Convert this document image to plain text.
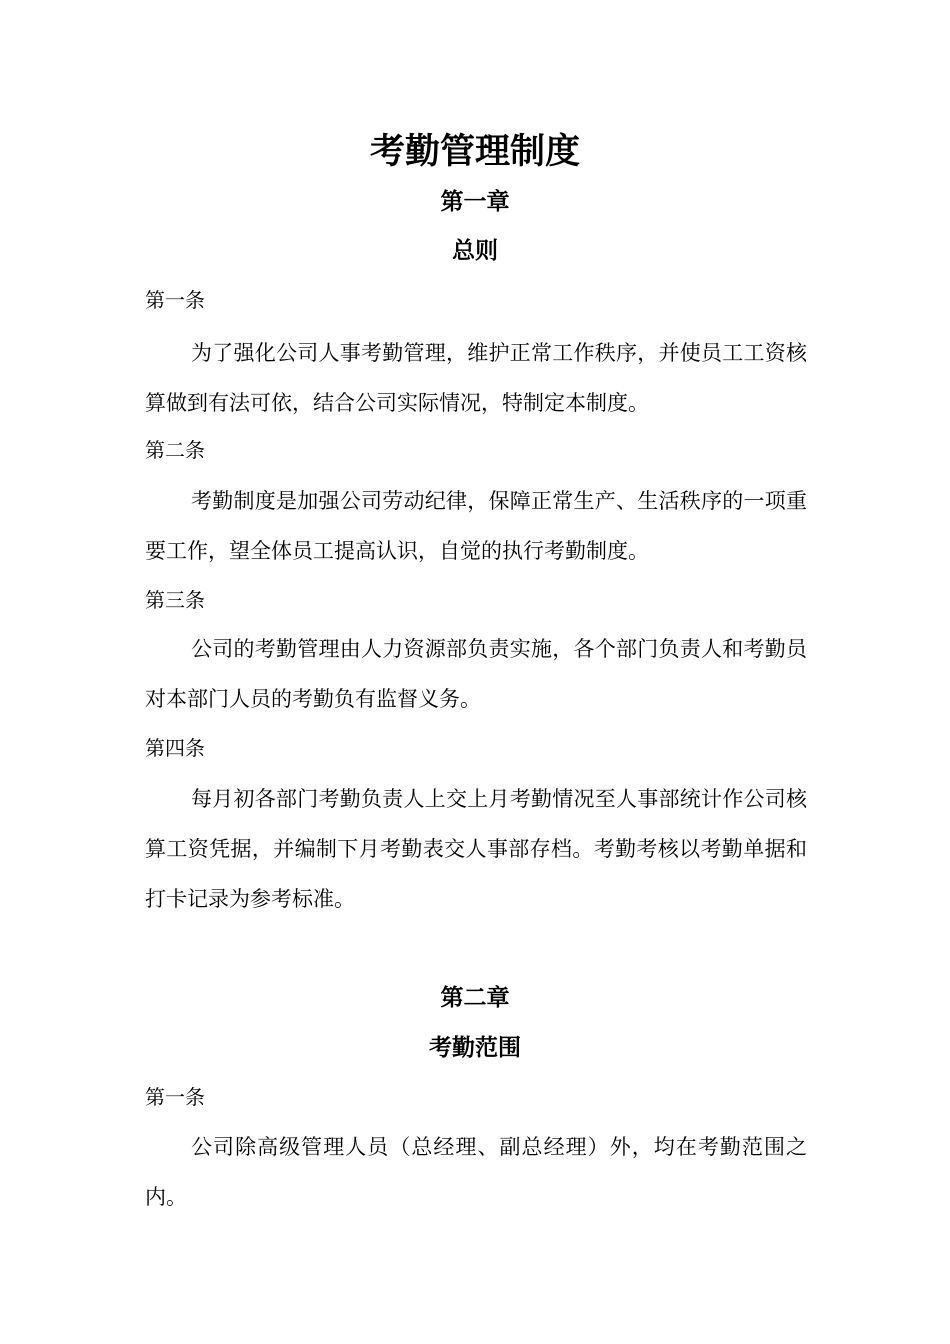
考勤管理制度
第一章
总则

第一条

为了强化公司人事考勤管理，维护正常工作秩序，并使员工工资核算做到有法可依，结合公司实际情况，特制定本制度。

第二条

考勤制度是加强公司劳动纪律，保障正常生产、生活秩序的一项重要工作，望全体员工提高认识，自觉的执行考勤制度。

第三条

公司的考勤管理由人力资源部负责实施，各个部门负责人和考勤员对本部门人员的考勤负有监督义务。

第四条

每月初各部门考勤负责人上交上月考勤情况至人事部统计作公司核算工资凭据，并编制下月考勤表交人事部存档。考勤考核以考勤单据和打卡记录为参考标准。

第二章
考勤范围

第一条

公司除高级管理人员（总经理、副总经理）外，均在考勤范围之内。
